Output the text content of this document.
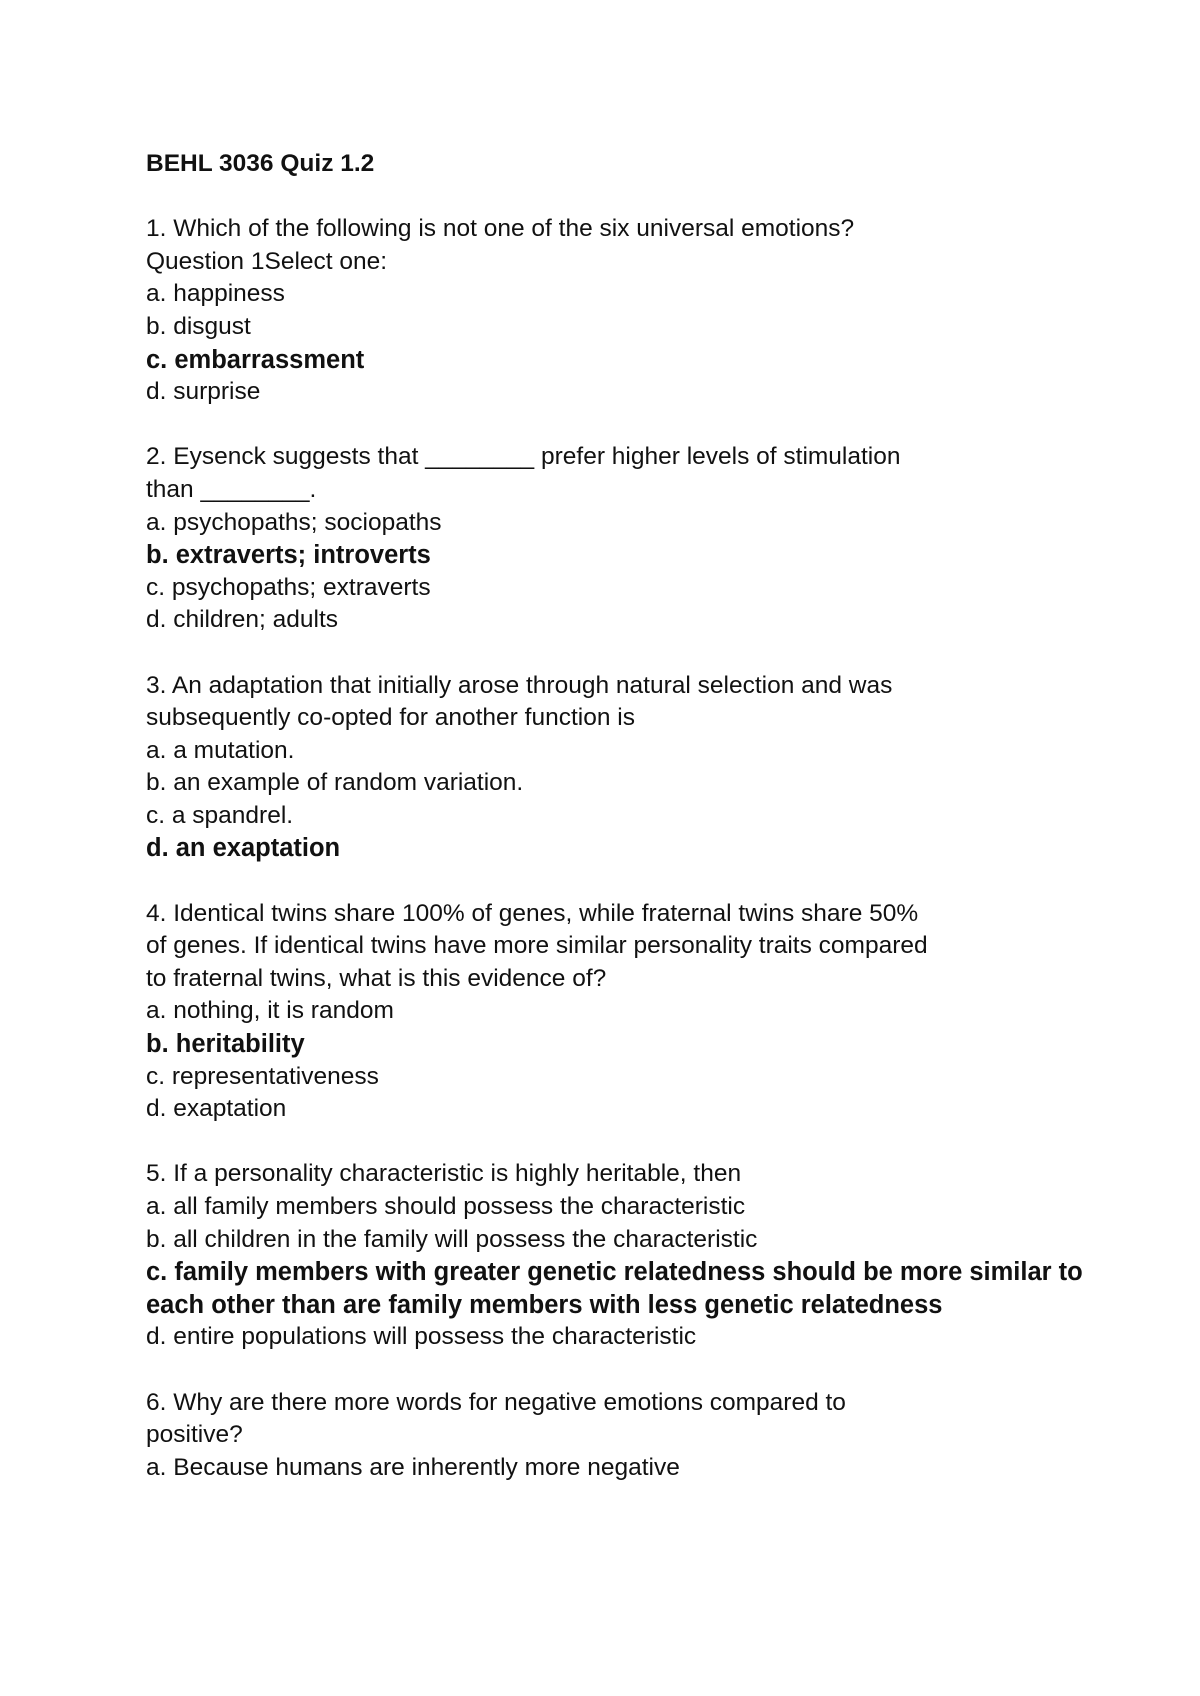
BEHL 3036 Quiz 1.2
1. Which of the following is not one of the six universal emotions?
Question 1Select one:
a. happiness
b. disgust
c. embarrassment
d. surprise
2. Eysenck suggests that ________ prefer higher levels of stimulation
than ________.
a. psychopaths; sociopaths
b. extraverts; introverts
c. psychopaths; extraverts
d. children; adults
3. An adaptation that initially arose through natural selection and was
subsequently co-opted for another function is
a. a mutation.
b. an example of random variation.
c. a spandrel.
d. an exaptation
4. Identical twins share 100% of genes, while fraternal twins share 50%
of genes. If identical twins have more similar personality traits compared
to fraternal twins, what is this evidence of?
a. nothing, it is random
b. heritability
c. representativeness
d. exaptation
5. If a personality characteristic is highly heritable, then
a. all family members should possess the characteristic
b. all children in the family will possess the characteristic
c. family members with greater genetic relatedness should be more similar to each other than are family members with less genetic relatedness
d. entire populations will possess the characteristic
6. Why are there more words for negative emotions compared to
positive?
a. Because humans are inherently more negative
